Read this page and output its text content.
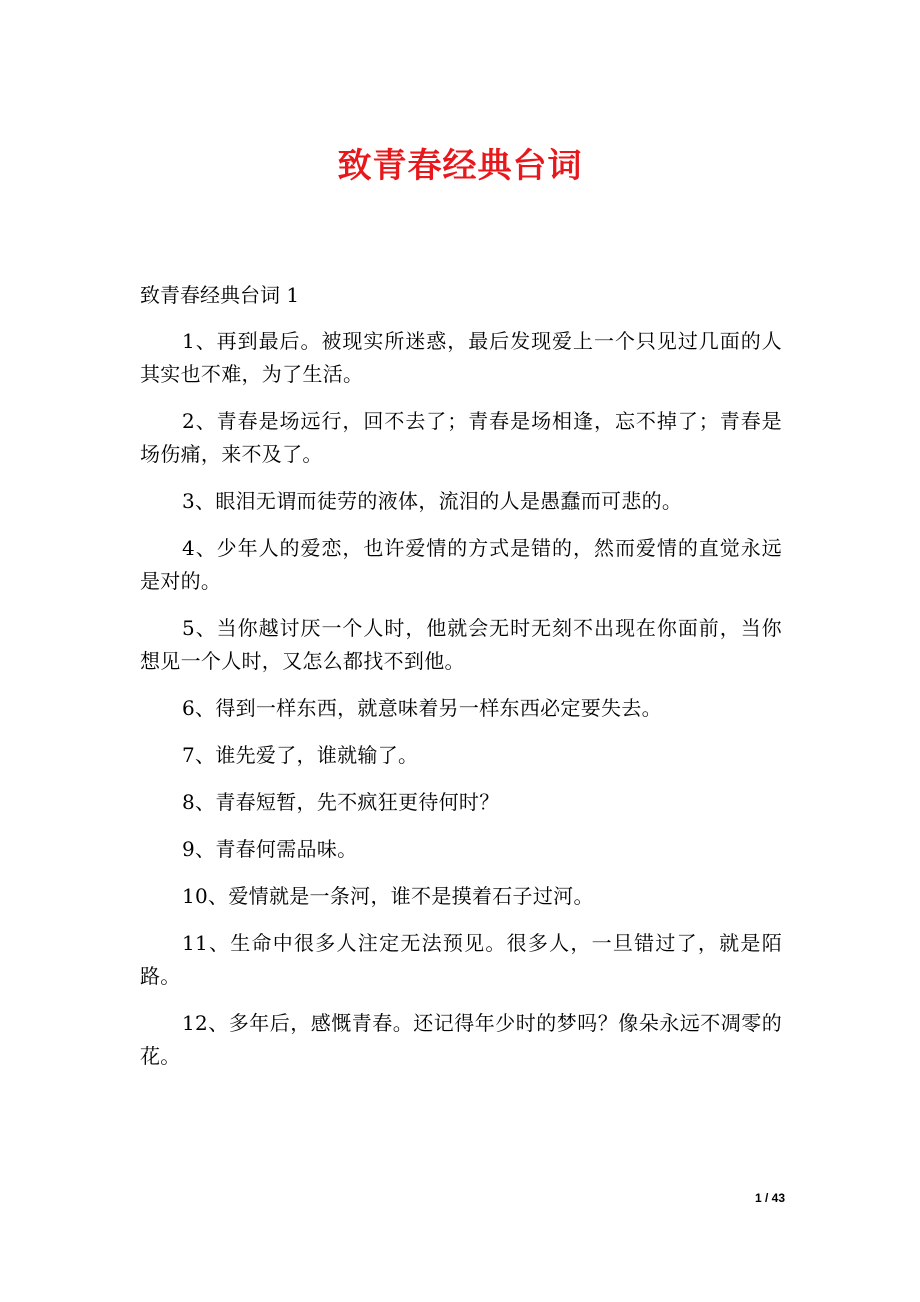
致青春经典台词

致青春经典台词 1

1、再到最后。被现实所迷惑，最后发现爱上一个只见过几面的人其实也不难，为了生活。

2、青春是场远行，回不去了；青春是场相逢，忘不掉了；青春是场伤痛，来不及了。

3、眼泪无谓而徒劳的液体，流泪的人是愚蠢而可悲的。

4、少年人的爱恋，也许爱情的方式是错的，然而爱情的直觉永远是对的。

5、当你越讨厌一个人时，他就会无时无刻不出现在你面前，当你想见一个人时，又怎么都找不到他。

6、得到一样东西，就意味着另一样东西必定要失去。

7、谁先爱了，谁就输了。

8、青春短暂，先不疯狂更待何时？

9、青春何需品味。

10、爱情就是一条河，谁不是摸着石子过河。

11、生命中很多人注定无法预见。很多人，一旦错过了，就是陌路。

12、多年后，感慨青春。还记得年少时的梦吗？像朵永远不凋零的花。

1 / 43
